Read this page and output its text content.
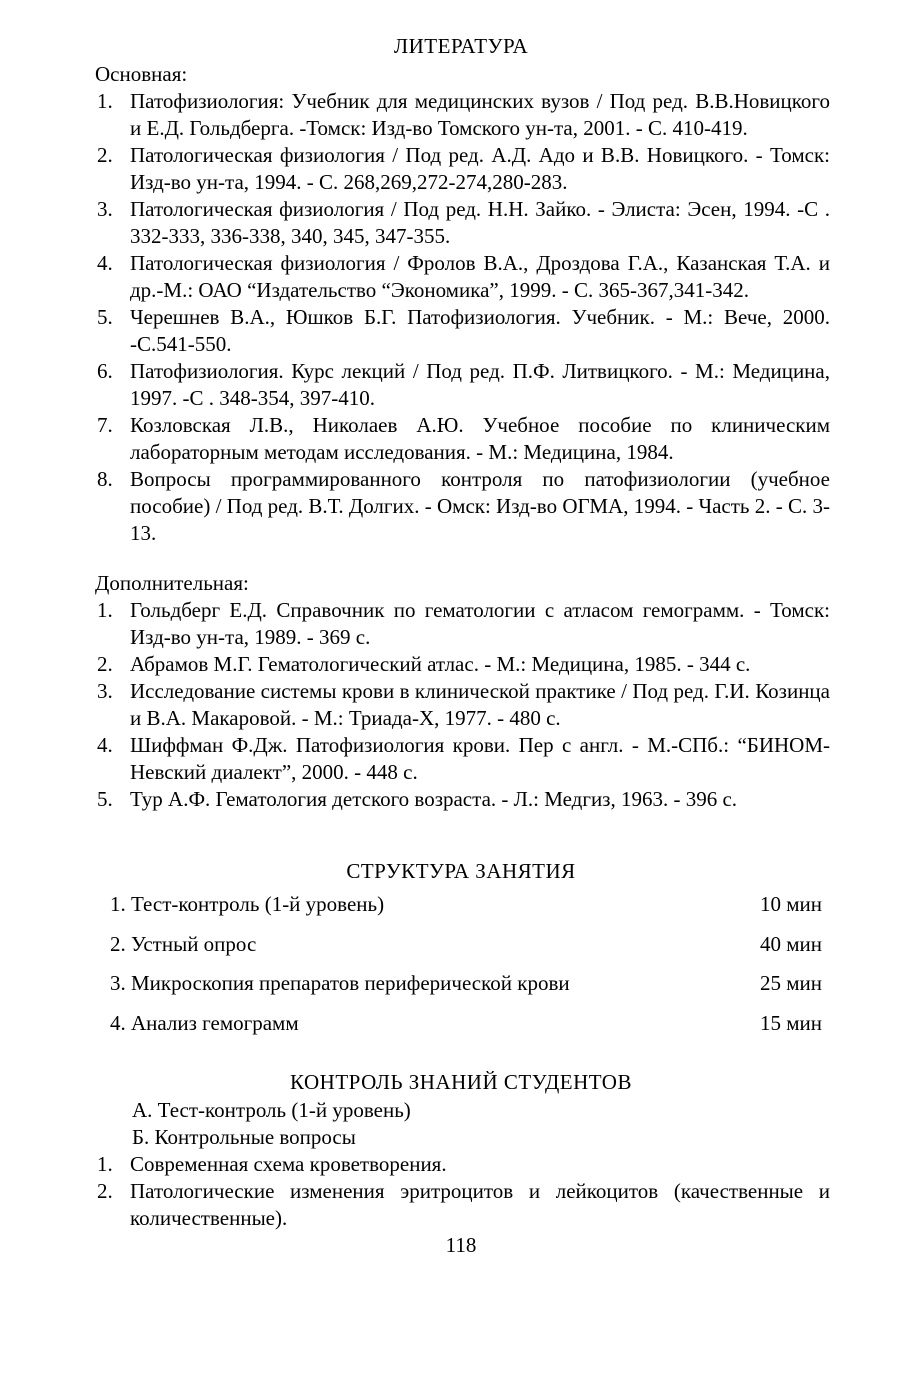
ЛИТЕРАТУРА
Основная:
1. Патофизиология: Учебник для медицинских вузов / Под ред. В.В.Новицкого и Е.Д. Гольдберга. -Томск: Изд-во Томского ун-та, 2001. - С. 410-419.
2. Патологическая физиология / Под ред. А.Д. Адо и В.В. Новицкого. - Томск: Изд-во ун-та, 1994. - С. 268,269,272-274,280-283.
3. Патологическая физиология / Под ред. Н.Н. Зайко. - Элиста: Эсен, 1994. -С . 332-333, 336-338, 340, 345, 347-355.
4. Патологическая физиология / Фролов В.А., Дроздова Г.А., Казанская Т.А. и др.-М.: ОАО “Издательство “Экономика”, 1999. - С. 365-367,341-342.
5. Черешнев В.А., Юшков Б.Г. Патофизиология. Учебник. - М.: Вече, 2000. -С.541-550.
6. Патофизиология. Курс лекций / Под ред. П.Ф. Литвицкого. - М.: Медицина, 1997. -С . 348-354, 397-410.
7. Козловская Л.В., Николаев А.Ю. Учебное пособие по клиническим лабораторным методам исследования. - М.: Медицина, 1984.
8. Вопросы программированного контроля по патофизиологии (учебное пособие) / Под ред. В.Т. Долгих. - Омск: Изд-во ОГМА, 1994. - Часть 2. - С. 3-13.
Дополнительная:
1. Гольдберг Е.Д. Справочник по гематологии с атласом гемограмм. - Томск: Изд-во ун-та, 1989. - 369 с.
2. Абрамов М.Г. Гематологический атлас. - М.: Медицина, 1985. - 344 с.
3. Исследование системы крови в клинической практике / Под ред. Г.И. Козинца и В.А. Макаровой. - М.: Триада-Х, 1977. - 480 с.
4. Шиффман Ф.Дж. Патофизиология крови. Пер с англ. - М.-СПб.: “БИНОМ-Невский диалект”, 2000. - 448 с.
5. Тур А.Ф. Гематология детского возраста. - Л.: Медгиз, 1963. - 396 с.
СТРУКТУРА ЗАНЯТИЯ
1. Тест-контроль (1-й уровень)	10 мин
2. Устный опрос	40 мин
3. Микроскопия препаратов периферической крови	25 мин
4. Анализ гемограмм	15 мин
КОНТРОЛЬ ЗНАНИЙ СТУДЕНТОВ
А. Тест-контроль (1-й уровень)
Б. Контрольные вопросы
1. Современная схема кроветворения.
2. Патологические изменения эритроцитов и лейкоцитов (качественные и количественные).
118
